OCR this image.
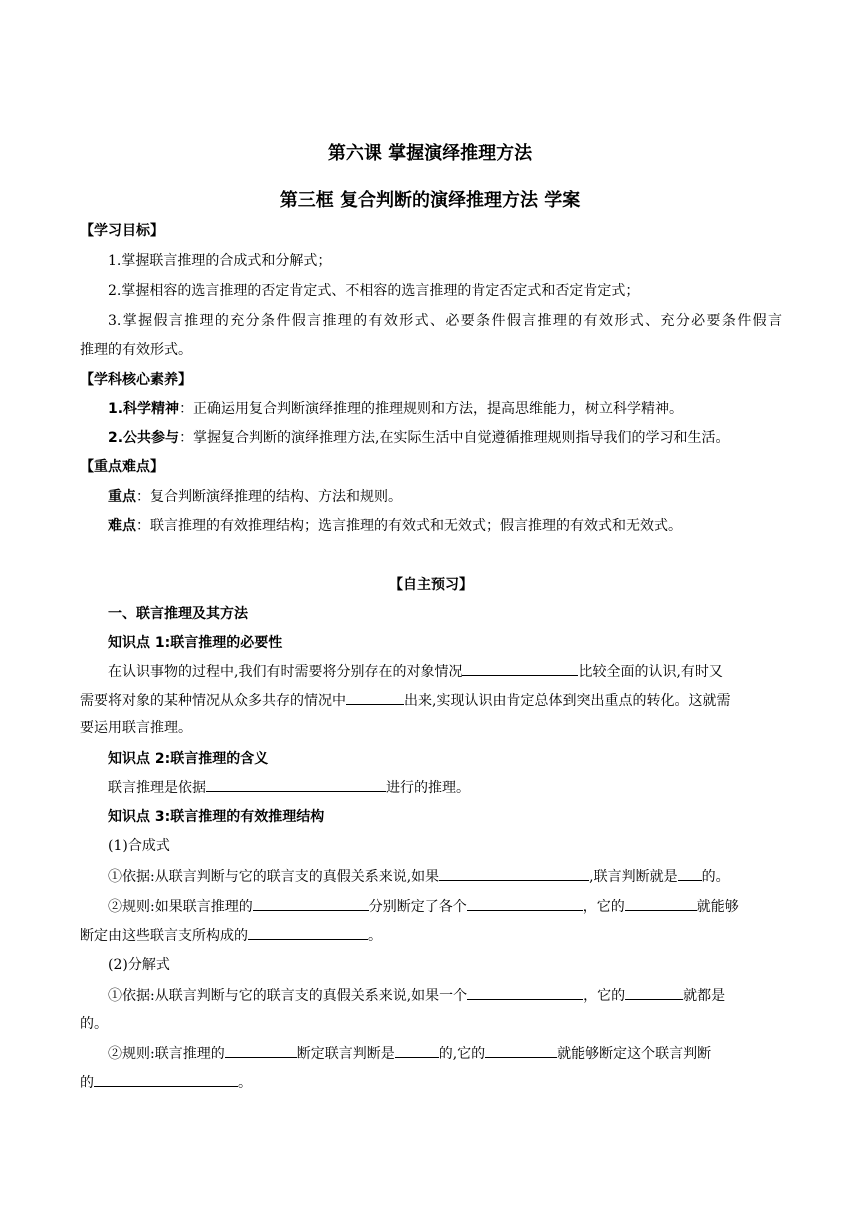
第六课 掌握演绎推理方法
第三框 复合判断的演绎推理方法 学案
【学习目标】
1.掌握联言推理的合成式和分解式；
2.掌握相容的选言推理的否定肯定式、不相容的选言推理的肯定否定式和否定肯定式；
3.掌握假言推理的充分条件假言推理的有效形式、必要条件假言推理的有效形式、充分必要条件假言
推理的有效形式。
【学科核心素养】
1.科学精神：正确运用复合判断演绎推理的推理规则和方法，提高思维能力，树立科学精神。
2.公共参与：掌握复合判断的演绎推理方法,在实际生活中自觉遵循推理规则指导我们的学习和生活。
【重点难点】
重点：复合判断演绎推理的结构、方法和规则。
难点：联言推理的有效推理结构；选言推理的有效式和无效式；假言推理的有效式和无效式。
【自主预习】
一、联言推理及其方法
知识点 1:联言推理的必要性
在认识事物的过程中,我们有时需要将分别存在的对象情况	比较全面的认识,有时又
需要将对象的某种情况从众多共存的情况中	出来,实现认识由肯定总体到突出重点的转化。这就需
要运用联言推理。
知识点 2:联言推理的含义
联言推理是依据	进行的推理。
知识点 3:联言推理的有效推理结构
(1)合成式
①依据:从联言判断与它的联言支的真假关系来说,如果	,联言判断就是 的。
②规则:如果联言推理的	分别断定了各个	，它的	就能够
断定由这些联言支所构成的	。
(2)分解式
①依据:从联言判断与它的联言支的真假关系来说,如果一个	，它的	就都是
的。
②规则:联言推理的	断定联言判断是	的,它的	就能够断定这个联言判断
的	。
